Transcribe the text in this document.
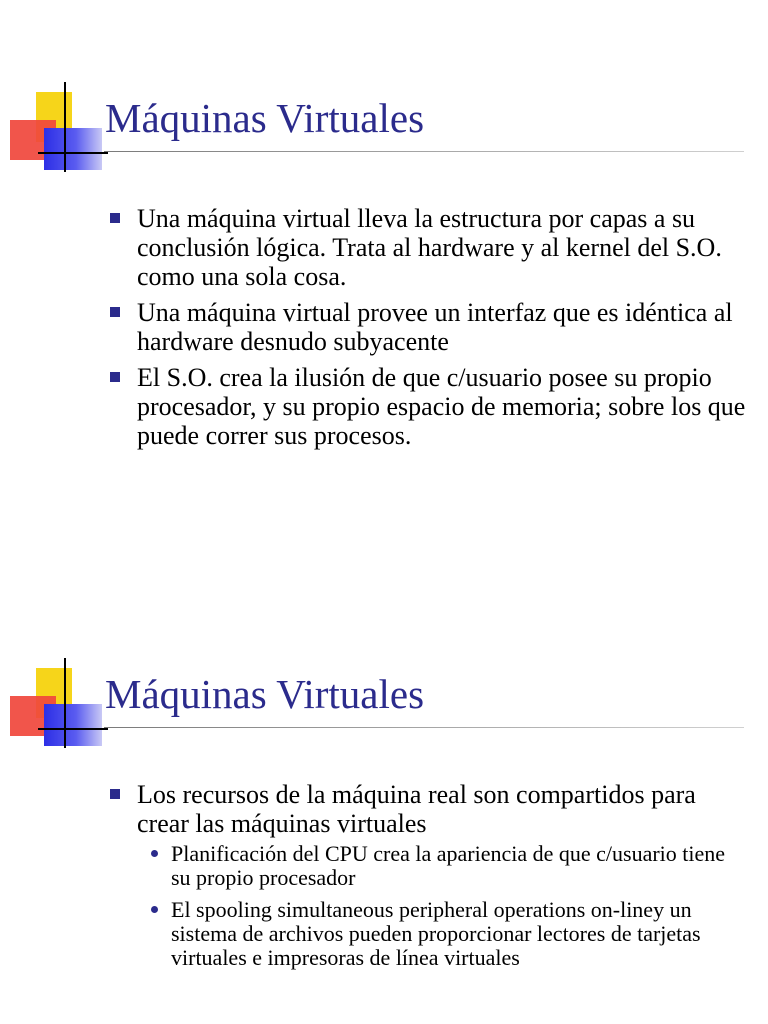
Máquinas Virtuales
Una máquina virtual lleva la estructura por capas a su conclusión lógica. Trata al hardware y al kernel del S.O. como una sola cosa.
Una máquina virtual provee un interfaz que es idéntica al hardware desnudo subyacente
El S.O. crea la ilusión de que c/usuario posee su propio procesador, y su propio espacio de memoria; sobre los que puede correr sus procesos.
Máquinas Virtuales
Los recursos de la máquina real son compartidos para crear las máquinas virtuales
Planificación del CPU crea la apariencia de que c/usuario tiene su propio procesador
El spooling simultaneous peripheral operations on-liney un sistema de archivos pueden proporcionar lectores de tarjetas virtuales e impresoras de línea virtuales
